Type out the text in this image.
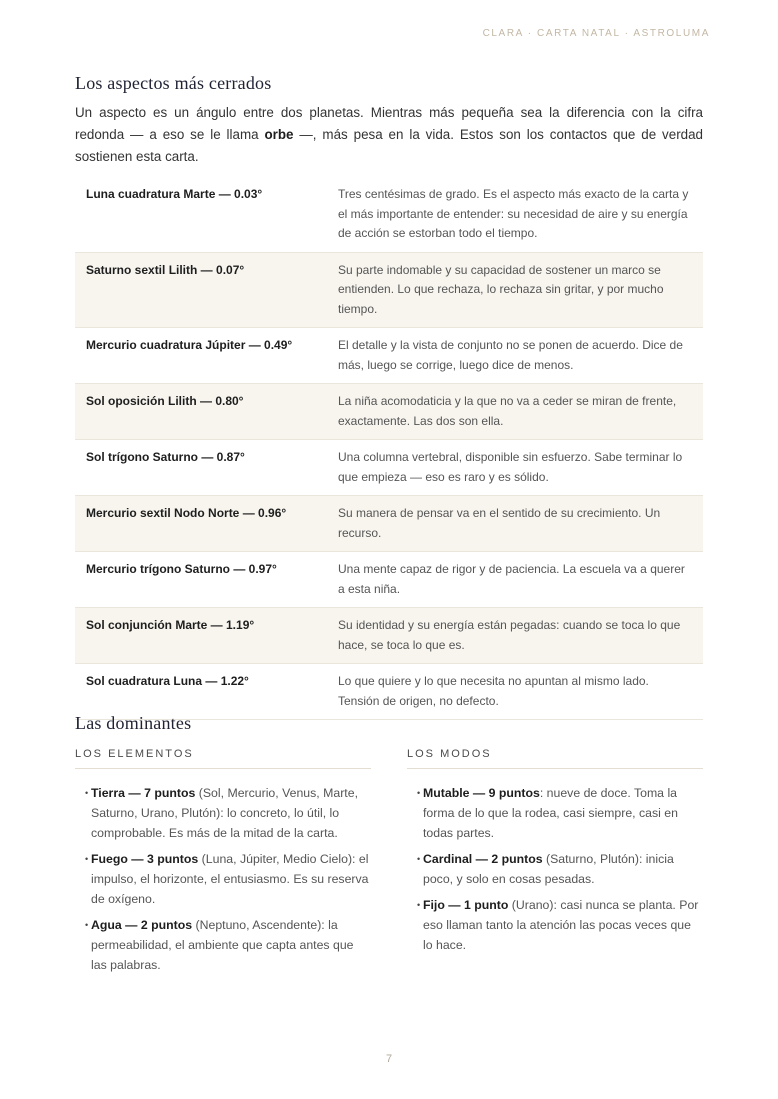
CLARA · CARTA NATAL · ASTROLUMA
Los aspectos más cerrados

Un aspecto es un ángulo entre dos planetas. Mientras más pequeña sea la diferencia con la cifra redonda — a eso se le llama orbe —, más pesa en la vida. Estos son los contactos que de verdad sostienen esta carta.

Luna cuadratura Marte — 0.03°	Tres centésimas de grado. Es el aspecto más exacto de la carta y el más importante de entender: su necesidad de aire y su energía de acción se estorban todo el tiempo.
Saturno sextil Lilith — 0.07°	Su parte indomable y su capacidad de sostener un marco se entienden. Lo que rechaza, lo rechaza sin gritar, y por mucho tiempo.
Mercurio cuadratura Júpiter — 0.49°	El detalle y la vista de conjunto no se ponen de acuerdo. Dice de más, luego se corrige, luego dice de menos.
Sol oposición Lilith — 0.80°	La niña acomodaticia y la que no va a ceder se miran de frente, exactamente. Las dos son ella.
Sol trígono Saturno — 0.87°	Una columna vertebral, disponible sin esfuerzo. Sabe terminar lo que empieza — eso es raro y es sólido.
Mercurio sextil Nodo Norte — 0.96°	Su manera de pensar va en el sentido de su crecimiento. Un recurso.
Mercurio trígono Saturno — 0.97°	Una mente capaz de rigor y de paciencia. La escuela va a querer a esta niña.
Sol conjunción Marte — 1.19°	Su identidad y su energía están pegadas: cuando se toca lo que hace, se toca lo que es.
Sol cuadratura Luna — 1.22°	Lo que quiere y lo que necesita no apuntan al mismo lado. Tensión de origen, no defecto.
Las dominantes
LOS ELEMENTOS
• Tierra — 7 puntos (Sol, Mercurio, Venus, Marte, Saturno, Urano, Plutón): lo concreto, lo útil, lo comprobable. Es más de la mitad de la carta.
• Fuego — 3 puntos (Luna, Júpiter, Medio Cielo): el impulso, el horizonte, el entusiasmo. Es su reserva de oxígeno.
• Agua — 2 puntos (Neptuno, Ascendente): la permeabilidad, el ambiente que capta antes que las palabras.
LOS MODOS
• Mutable — 9 puntos: nueve de doce. Toma la forma de lo que la rodea, casi siempre, casi en todas partes.
• Cardinal — 2 puntos (Saturno, Plutón): inicia poco, y solo en cosas pesadas.
• Fijo — 1 punto (Urano): casi nunca se planta. Por eso llaman tanto la atención las pocas veces que lo hace.
7
